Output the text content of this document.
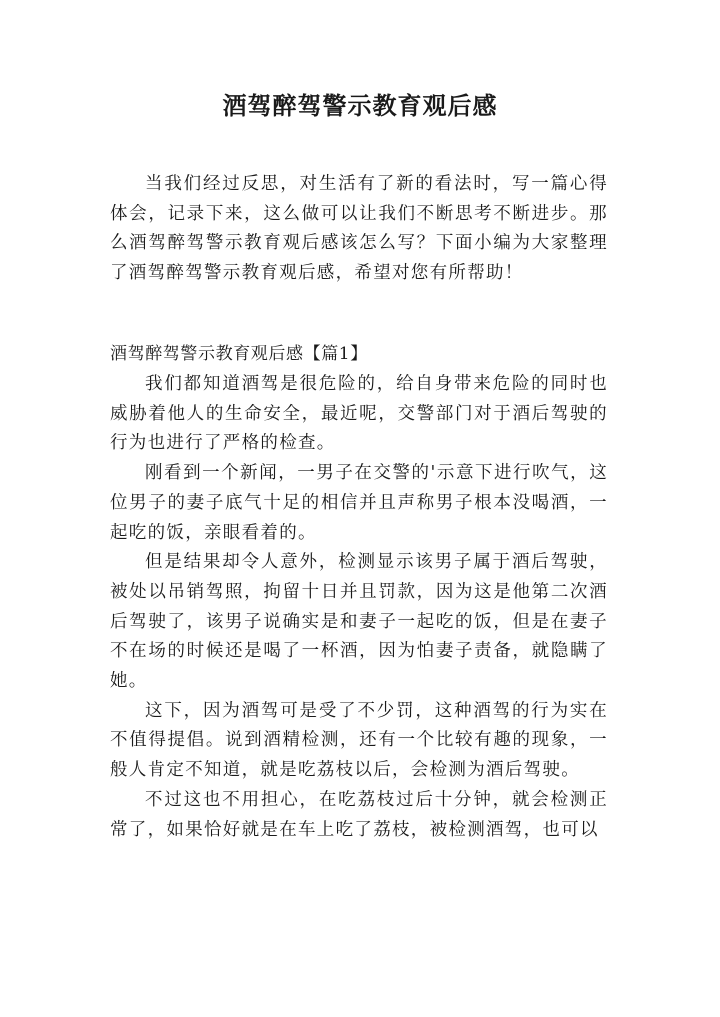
酒驾醉驾警示教育观后感

当我们经过反思，对生活有了新的看法时，写一篇心得体会，记录下来，这么做可以让我们不断思考不断进步。那么酒驾醉驾警示教育观后感该怎么写？下面小编为大家整理了酒驾醉驾警示教育观后感，希望对您有所帮助！

酒驾醉驾警示教育观后感【篇1】

我们都知道酒驾是很危险的，给自身带来危险的同时也威胁着他人的生命安全，最近呢，交警部门对于酒后驾驶的行为也进行了严格的检查。

刚看到一个新闻，一男子在交警的'示意下进行吹气，这位男子的妻子底气十足的相信并且声称男子根本没喝酒，一起吃的饭，亲眼看着的。

但是结果却令人意外，检测显示该男子属于酒后驾驶，被处以吊销驾照，拘留十日并且罚款，因为这是他第二次酒后驾驶了，该男子说确实是和妻子一起吃的饭，但是在妻子不在场的时候还是喝了一杯酒，因为怕妻子责备，就隐瞒了她。

这下，因为酒驾可是受了不少罚，这种酒驾的行为实在不值得提倡。说到酒精检测，还有一个比较有趣的现象，一般人肯定不知道，就是吃荔枝以后，会检测为酒后驾驶。

不过这也不用担心，在吃荔枝过后十分钟，就会检测正常了，如果恰好就是在车上吃了荔枝，被检测酒驾，也可以
